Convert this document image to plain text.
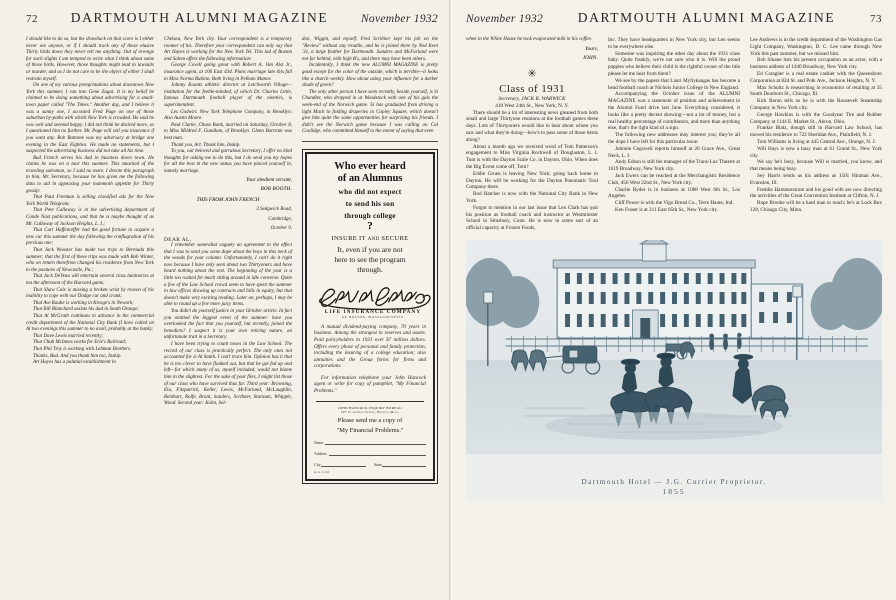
72 DARTMOUTH ALUMNI MAGAZINE	November 1932

I should like to do so, but the drawback on that score is I either never see anyone, or if I should track any of these elusive Thirty birds down they never tell me anything. Out of revenge for such slights I am tempted to write what I think about some of those birds. However, those thoughts might lead to lawsuits or murder, and as I do not care to be the object of either I shall restrain myself.

On one of my various peregrinations about downtown New York this summer, I ran into Gene Zagat. It is my belief he claimed to be doing something about advertising for a small-town paper called "The Times." Another day, and I believe it was a sunny one, I accosted Fred Page on one of those suburban by-paths with which New York is crowded. He said he was well and seemed happy. I did not think he desired more, so I questioned him no further. Mr. Page will sell you insurance if you want any. Bob Bottome was my adversary at bridge one evening in the East Eighties. He made no statements, but I suspected the advertising business did not take all his time.

Bud French serves his dad in business down town. He claims he was on a tour this summer. This smacked of the traveling salesman, so I said no more. I devote this paragraph to him, Mr. Secretary, because he has given me the following data to aid in appeasing your mammoth appetite for Thirty gossip:

That Paul Freeman is selling classified ads for the New York World Telegram;

That Pete Callaway is in the advertising department of Conde Nast publications, and that he is maybe thought of as Mr. Callaway of Jackson Heights, L. I.;

That Carl Haffenreffer had the good fortune to acquire a new car this summer the day following the conflagration of his previous one;

That Jack Wooster has made two trips to Bermuda this summer; that the first of these trips was made with Bob Winter, who on return therefrom changed his residence from New York to the pastures of Newcastle, Pa.;

That Jack DeVeau will entertain several class luminaries at tea the afternoon of the Harvard game;

That Shaw Cole is missing a broken wrist by reason of his inability to cope with our Dodge car and crank;

That Ave Raube is working in Kresge's in Newark;

That Bill Blanchard assists his dad in South Orange;

That Al McGrath continues to advance in the commercial credit department of the National City Bank (I have called on Al two evenings this summer to no avail, probably at the bank);

That Dave Lewis married recently;

That Chub McInnes works for Erie's Railroad;

That Phil Troy is working with Lehman Brothers.

Thanks, Bud. And you thank him too, Inskip.

Art Hayes has a palatial establishment in

Chelsea, New York city. Your correspondent is a temporary roomer of his. Therefore your correspondent can only say that Art Hayes is working for the New York Tel. This lad of Boston and Salem offers the following information:

George Covell going great with Robert A. Van Alst Jr., insurance agent, at 100 East 43d. Plans marriage late this fall to Miss Norma Rubino. Both living in Pelham Manor.

Johnny Kountz athletic director at Letchworth Village—institution for the feeble-minded, of which Dr. Charles Little, famous Dartmouth football player of the nineties, is superintendent.

Les Godwin: New York Telephone Company, in Brooklyn. Also Austin Moore.

Paul Clarke, Chase Bank, married on Saturday, October 8, to Miss Mildred F. Gundlum, of Brooklyn. Glenn Bartram was best man.

Thank you, Art. Thank him, Inskip.

To you, our beloved and garrulous Secretary, I offer no kind thoughts for asking me to do this, but I do send you my hopes for all the best in the new status you have placed yourself in, namely marriage.

Your obedient servant,

BOB BOOTH.

THIS FROM JOHN FRENCH

3 Sedgwick Road,

Cambridge,

October 9.

DEAR AL,

I remember somewhat vaguely an agreement to the effect that I was to send you some dope about the boys in this neck of the woods for your column. Unfortunately, I can't do it right now because I have only seen about two Thirtyoners and have heard nothing about the rest. The beginning of the year is a little too rushed for much sitting around in idle converse. Quite a few of the Law School crowd seem to have spent the summer in law offices drawing up contracts and bills in equity, but that doesn't make very exciting reading. Later on, perhaps, I may be able to round up a few more juicy items.

You didn't do yourself justice in your October article. In fact you omitted the biggest event of the summer: have you overlooked the fact that you yourself, but recently, joined the benedicts? I suspect it is your own retiring nature, an unfortunate trait in a Secretary.

I have been trying to count noses in the Law School. The record of our class is practically perfect. The only ones not accounted for is Al Smith. I can't trace him. Opinion has it that he is too clever to have flunked out, but that he got fed up and left—for which many of us, myself included, would not blame him in the slightest. For the sake of your files, I might list those of our class who have survived thus far. Third year: Browning, Ela, Fitzpatrick, Keller, Lewis, McFarland, McLaughlin, Reinhart, Rolfe, Brant, Sanders, Scribner, Sturman, Whipple, Wood. Second year: Kohn, Sel-

don, Wiggin, and myself. Fred Scribner kept his job on the "Review" without any trouble, and he is joined there by Ned Kent '31, a large feather for Dartmouth. Sanders and McFarland were not far behind, with high B's, and there may have been others.

Incidentally, I think the new ALUMNI MAGAZINE is pretty good except for the color of the outside, which is terrible—it looks like a church weekly. How about using your influence for a darker shade of green?

The only other person I have seen recently, beside yourself, is Si Chandler, who dropped in at Woodstock with one of his gals the week-end of the Norwich game. Si has graduated from driving a light Mack to folding draperies in Copley Square, which doesn't give him quite the same opportunities for surprising his friends. I didn't see the Norwich game because I was calling on Cal Coolidge, who committed himself to the extent of saying that even

Who ever heard
of an Alumnus
who did not expect
to send his son
through college
?
INSURE IT and SECURE
It, even if you are not
here to see the program
through.
LIFE INSURANCE COMPANY
OF BOSTON, MASSACHUSETTS

A mutual dividend-paying company, 70 years in business. Among the strongest in reserves and assets. Paid policyholders in 1931 over $7 million dollars. Offers every phase of personal and family protection, including the insuring of a college education; also annuities and the Group forms for firms and corporations.

For information telephone your John Hancock agent or write for copy of pamphlet, "My Financial Problems."

JOHN HANCOCK INQUIRY BUREAU
197 Clarendon Street, Boston, Mass.
Please send me a copy of
"My Financial Problems."
Name
Address
City	State
A. G. 11-32
November 1932	DARTMOUTH ALUMNI MAGAZINE	73

when in the White House he took evaporated milk in his coffee.

Yours,

JOHN.

✳
Class of 1931
Secretary, JACK R. WARWICK
410 West 24th St., New York, N. Y.

There should be a lot of interesting news gleaned from both small and large Thirtyone reunions at the football games these days. Lots of Thirtyoners would like to hear about whom you saw and what they're doing—how's to pass some of those items along?

About a month ago we received word of Tom Patterson's engagement to Miss Virginia Rockwell of Douglaston, L. I. Tom is with the Dayton Scale Co. in Dayton, Ohio. When does the Big Event come off, Tom?

Eddie Gruen is leaving New York; going back home to Dayton. He will be working for the Dayton Pneumatic Tool Company there.

Rod Hatcher is now with the National City Bank in New York.

Forgot to mention in our last issue that Len Clark has quit his position as football coach and instructor at Westminster School in Simsbury, Conn. He is now in some sort of an official capacity at Frozen Foods,

Inc. They have headquarters in New York city, but Len seems to be everywhere else.

Someone was inquiring the other day about the 1931 class baby. Quite frankly, we're not sure who it is. Will the proud pappies who believe their child is the rightful owner of the title please let me hear from them?

We see by the papers that Lauri Myllykangas has become a head football coach at Nichols Junior College in New England.

Accompanying the October issue of the ALUMNI MAGAZINE was a statement of position and achievement in the Alumni Fund drive last June. Everything considered, it looks like a pretty decent showing—not a lot of money, but a real healthy percentage of contributors, and more than anything else, that's the right kind of a sign.

The following new addresses may interest you; they're all the dope I have left for this particular issue:

Johnnie Cogswell reports himself at 26 Grace Ave., Great Neck, L. I.

Andy Edson is still the manager of the Trans-Lux Theatre at 1619 Broadway, New York city.

Jack Ewers can be reached at the Merchangistic Residence Club, 456 West 22nd St., New York city.

Charlie Ryder is in business at 1008 West 6th St., Los Angeles.

Cliff Power is with the Vigo Bread Co., Terre Haute, Ind.

Ken Fraser is at 211 East 85th St., New York city.

Lee Andrews is in the credit department of the Washington Gas Light Company, Washington, D. C. Lee came through New York this past summer, but we missed him.

Bob Sloane lists his present occupation as an actor, with a business address of 1440 Broadway, New York city.

Ed Caragher is a real estate cashier with the Queensboro Corporation at 82d St. and Polk Ave., Jackson Heights, N. Y.

Max Schultz is researching in economics of retailing at 35 South Dearborn St., Chicago, Ill.

Kirk Baron tells us he is with the Roosevelt Steamship Company in New York city.

George Hawkins is with the Goodyear Tire and Rubber Company at 1144 E. Market St., Akron, Ohio.

Frankie Blatz, though still in Harvard Law School, has moved his residence to 722 Sheridan Ave., Plainfield, N. J.

Tom Williams is living at 445 Central Ave., Orange, N. J.

Will Hays is now a busy man at 61 Grand St., New York city.

We say he's busy, because Will is married, you know, and that means being busy.

Sey Harris sends us his address as 1501 Hinman Ave., Evanston, Ill.

Freddie Hammerstrom and his good wife are now directing the activities of the Great Convention Institute at Clifton, N. J.

Rupe Brooke will be a hard man to reach; he's at Lock Box 128, Chisago City, Minn.

Dartmouth Hotel — J.G. Currier Proprietor.
1855
